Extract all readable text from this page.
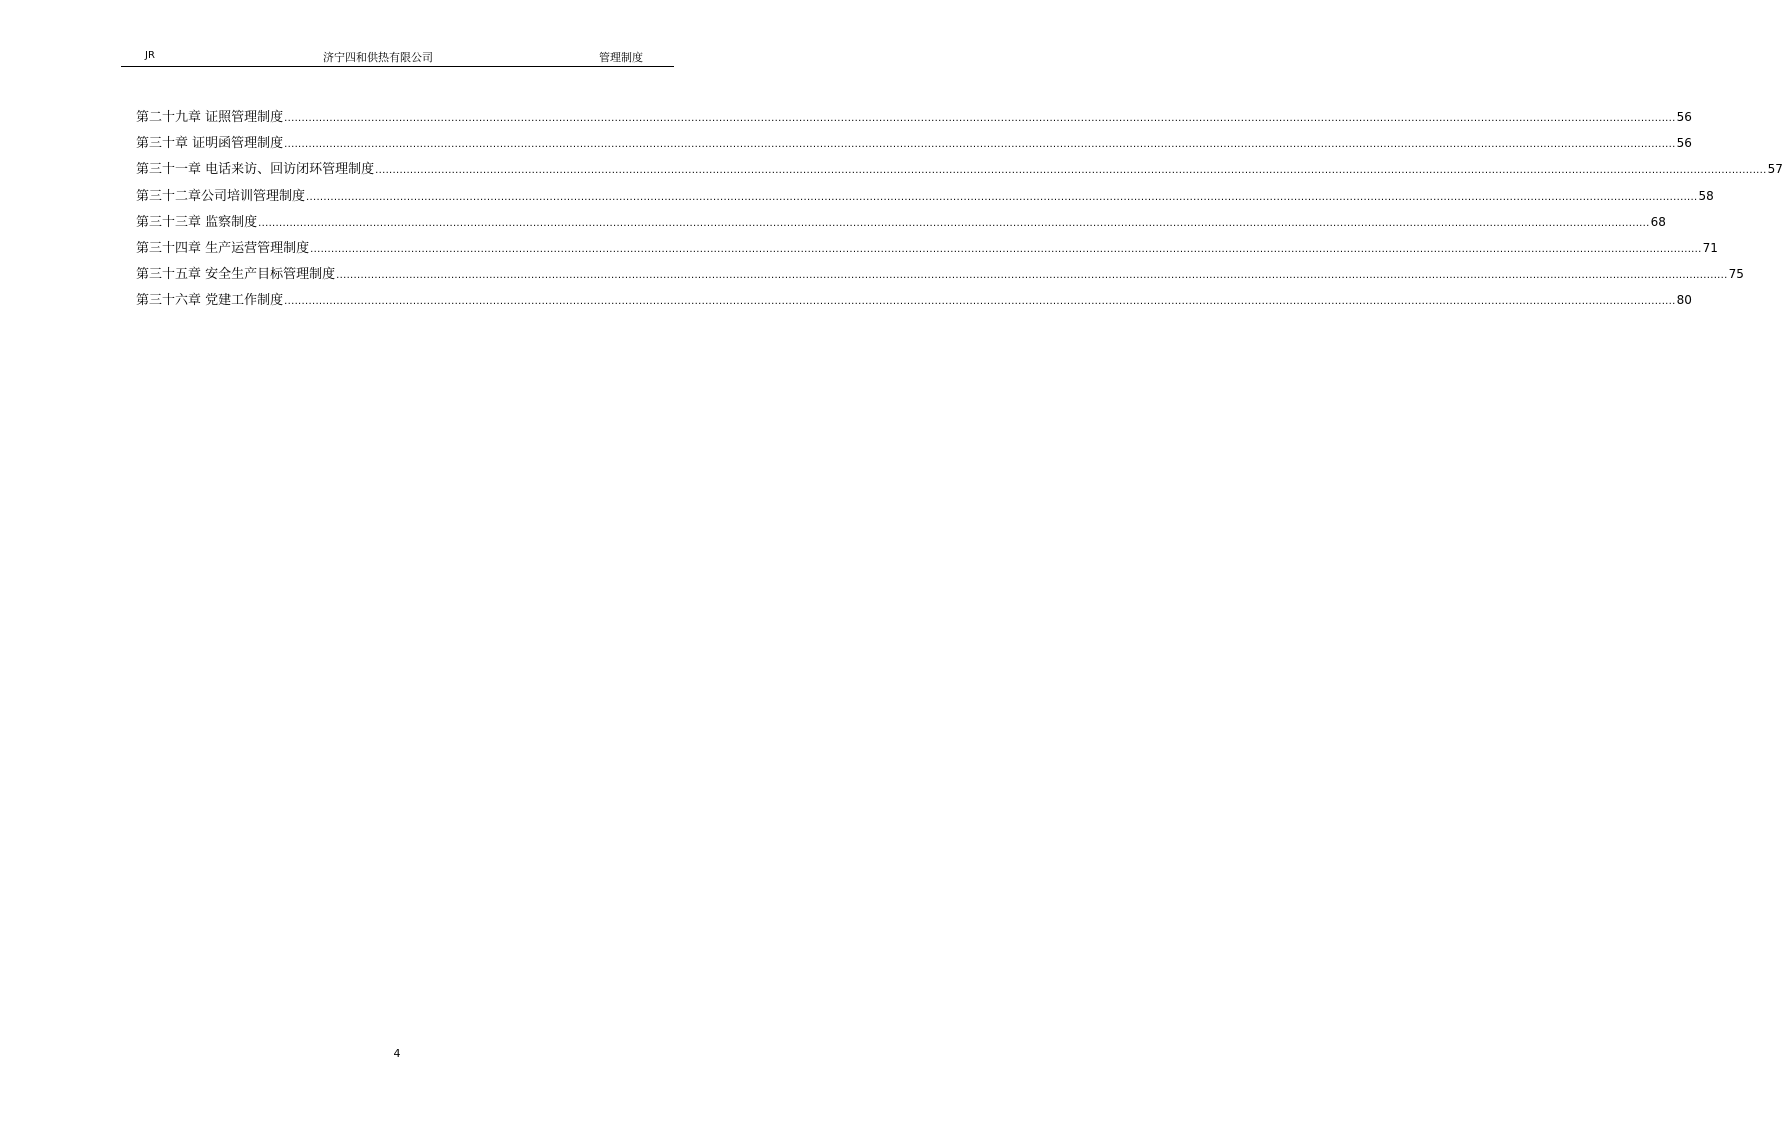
JR	济宁四和供热有限公司	管理制度
第二十九章 证照管理制度 ................................................................................................................................................................................................................................................................................................................................................................................................................ 56
第三十章 证明函管理制度 ................................................................................................................................................................................................................................................................................................................................................................................................................ 56
第三十一章 电话来访、回访闭环管理制度 ................................................................................................................................................................................................................................................................................................................................................................................................................ 57
第三十二章公司培训管理制度 ................................................................................................................................................................................................................................................................................................................................................................................................................ 58
第三十三章 监察制度 ................................................................................................................................................................................................................................................................................................................................................................................................................ 68
第三十四章 生产运营管理制度 ................................................................................................................................................................................................................................................................................................................................................................................................................ 71
第三十五章 安全生产目标管理制度 ................................................................................................................................................................................................................................................................................................................................................................................................................ 75
第三十六章 党建工作制度 ................................................................................................................................................................................................................................................................................................................................................................................................................ 80
4
